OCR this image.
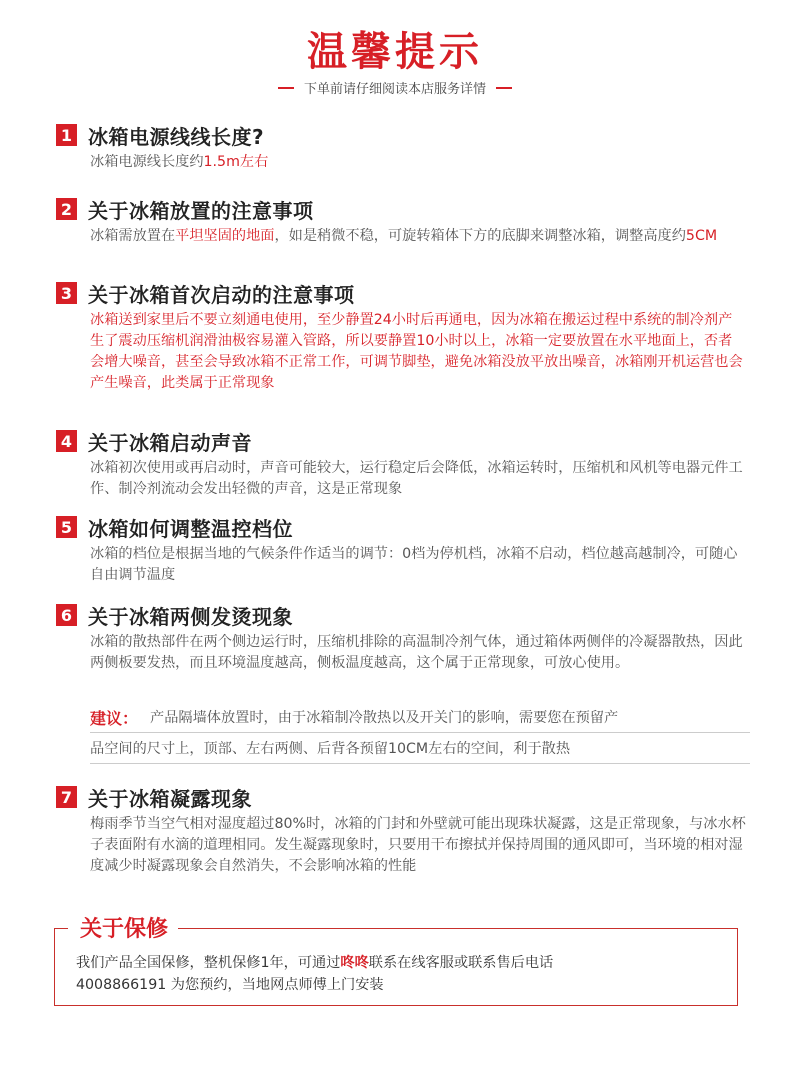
温馨提示
下单前请仔细阅读本店服务详情
1 冰箱电源线线长度?
冰箱电源线长度约1.5m左右
2 关于冰箱放置的注意事项
冰箱需放置在平坦坚固的地面，如是稍微不稳，可旋转箱体下方的底脚来调整冰箱，调整高度约5CM
3 关于冰箱首次启动的注意事项
冰箱送到家里后不要立刻通电使用，至少静置24小时后再通电，因为冰箱在搬运过程中系统的制冷剂产生了震动压缩机润滑油极容易灌入管路，所以要静置10小时以上，冰箱一定要放置在水平地面上，否者会增大噪音，甚至会导致冰箱不正常工作，可调节脚垫，避免冰箱没放平放出噪音，冰箱刚开机运营也会产生噪音，此类属于正常现象
4 关于冰箱启动声音
冰箱初次使用或再启动时，声音可能较大，运行稳定后会降低，冰箱运转时，压缩机和风机等电器元件工作、制冷剂流动会发出轻微的声音，这是正常现象
5 冰箱如何调整温控档位
冰箱的档位是根据当地的气候条件作适当的调节：0档为停机档，冰箱不启动，档位越高越制冷，可随心自由调节温度
6 关于冰箱两侧发烫现象
冰箱的散热部件在两个侧边运行时，压缩机排除的高温制冷剂气体，通过箱体两侧伴的冷凝器散热，因此两侧板要发热，而且环境温度越高，侧板温度越高，这个属于正常现象，可放心使用。
建议： 产品隔墙体放置时，由于冰箱制冷散热以及开关门的影响，需要您在预留产
品空间的尺寸上，顶部、左右两侧、后背各预留10CM左右的空间，利于散热
7 关于冰箱凝露现象
梅雨季节当空气相对湿度超过80%时，冰箱的门封和外壁就可能出现珠状凝露，这是正常现象，与冰水杯子表面附有水滴的道理相同。发生凝露现象时，只要用干布擦拭并保持周围的通风即可，当环境的相对湿度减少时凝露现象会自然消失，不会影响冰箱的性能
关于保修
我们产品全国保修，整机保修1年，可通过咚咚联系在线客服或联系售后电话
4008866191 为您预约，当地网点师傅上门安装
